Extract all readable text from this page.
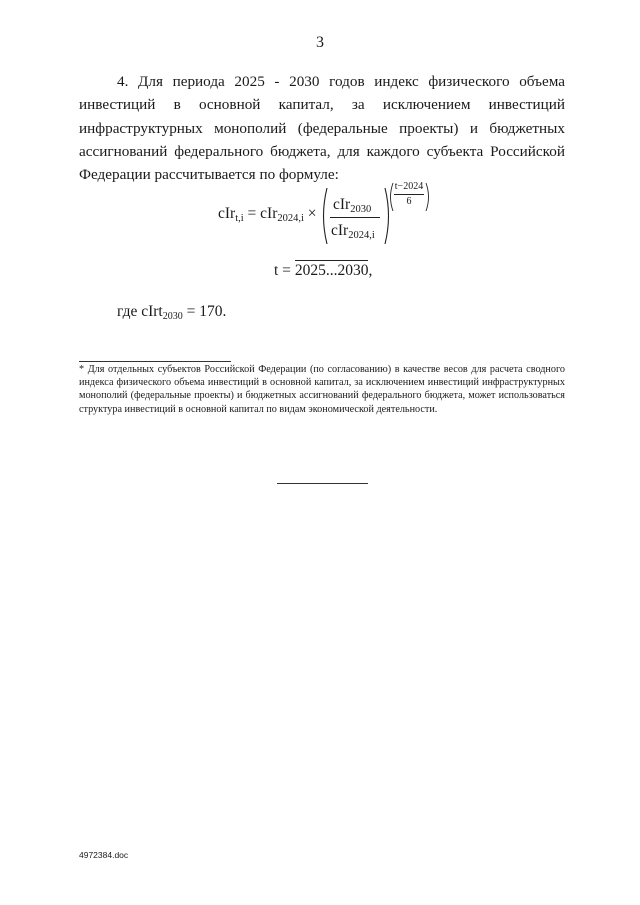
3
4. Для периода 2025 - 2030 годов индекс физического объема инвестиций в основной капитал, за исключением инвестиций инфраструктурных монополий (федеральные проекты) и бюджетных ассигнований федерального бюджета, для каждого субъекта Российской Федерации рассчитывается по формуле:
cIr$_{t,i}$ = cIr$_{2024,i}$ ×
cIr$_{2030}$
cIr$_{2024,i}$
t−2024
6
t = 2025...2030,
где cIrt$_{2030}$ = 170.
* Для отдельных субъектов Российской Федерации (по согласованию) в качестве весов для расчета сводного индекса физического объема инвестиций в основной капитал, за исключением инвестиций инфраструктурных монополий (федеральные проекты) и бюджетных ассигнований федерального бюджета, может использоваться структура инвестиций в основной капитал по видам экономической деятельности.
4972384.doc
